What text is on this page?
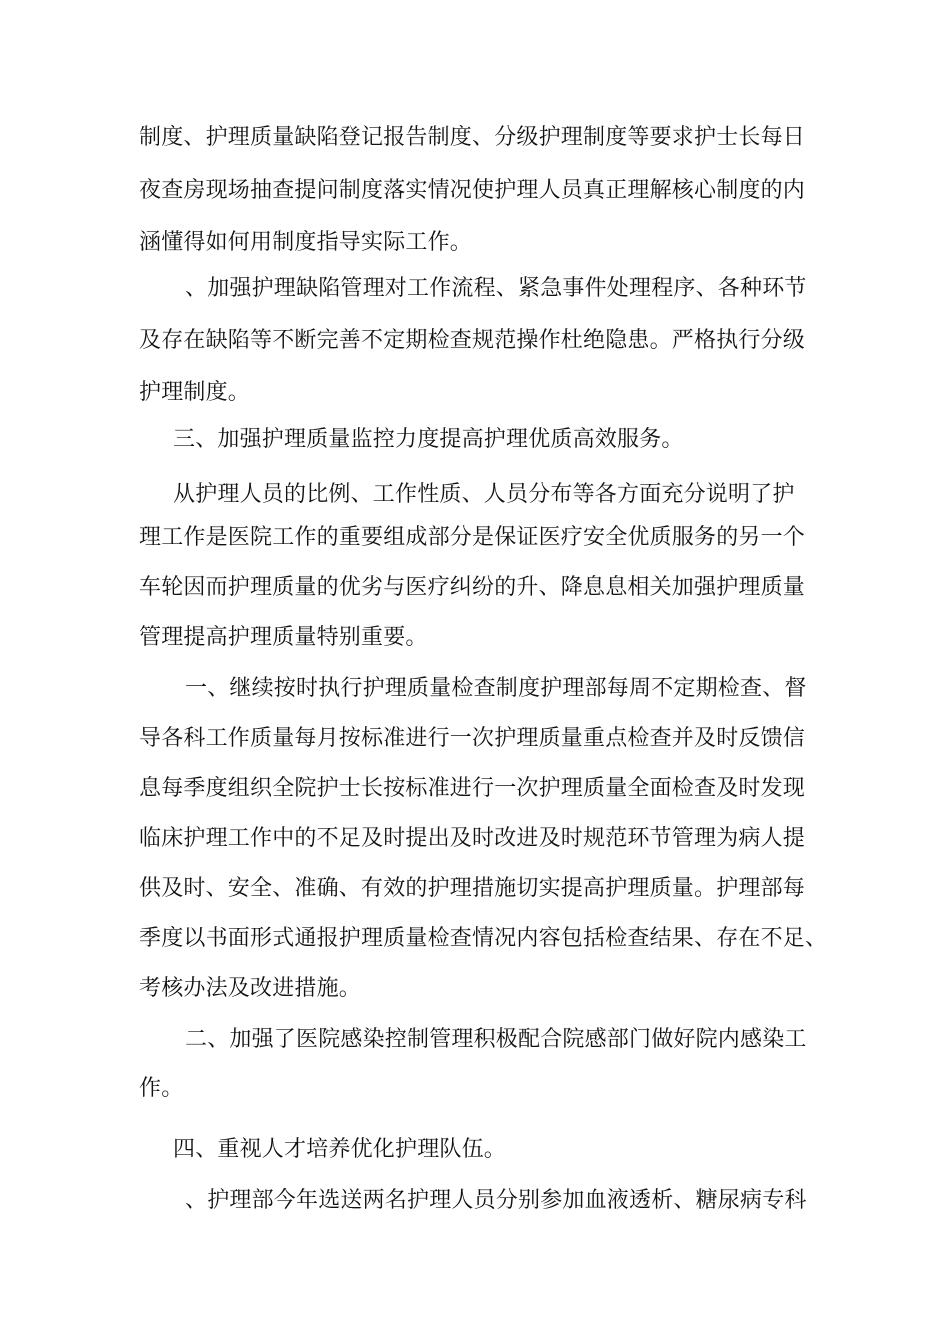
制度、护理质量缺陷登记报告制度、分级护理制度等要求护士长每日
夜查房现场抽查提问制度落实情况使护理人员真正理解核心制度的内
涵懂得如何用制度指导实际工作。
、加强护理缺陷管理对工作流程、紧急事件处理程序、各种环节
及存在缺陷等不断完善不定期检查规范操作杜绝隐患。严格执行分级
护理制度。
三、加强护理质量监控力度提高护理优质高效服务。
从护理人员的比例、工作性质、人员分布等各方面充分说明了护
理工作是医院工作的重要组成部分是保证医疗安全优质服务的另一个
车轮因而护理质量的优劣与医疗纠纷的升、降息息相关加强护理质量
管理提高护理质量特别重要。
一、继续按时执行护理质量检查制度护理部每周不定期检查、督
导各科工作质量每月按标准进行一次护理质量重点检查并及时反馈信
息每季度组织全院护士长按标准进行一次护理质量全面检查及时发现
临床护理工作中的不足及时提出及时改进及时规范环节管理为病人提
供及时、安全、准确、有效的护理措施切实提高护理质量。护理部每
季度以书面形式通报护理质量检查情况内容包括检查结果、存在不足、
考核办法及改进措施。
二、加强了医院感染控制管理积极配合院感部门做好院内感染工
作。
四、重视人才培养优化护理队伍。
、护理部今年选送两名护理人员分别参加血液透析、糖尿病专科
